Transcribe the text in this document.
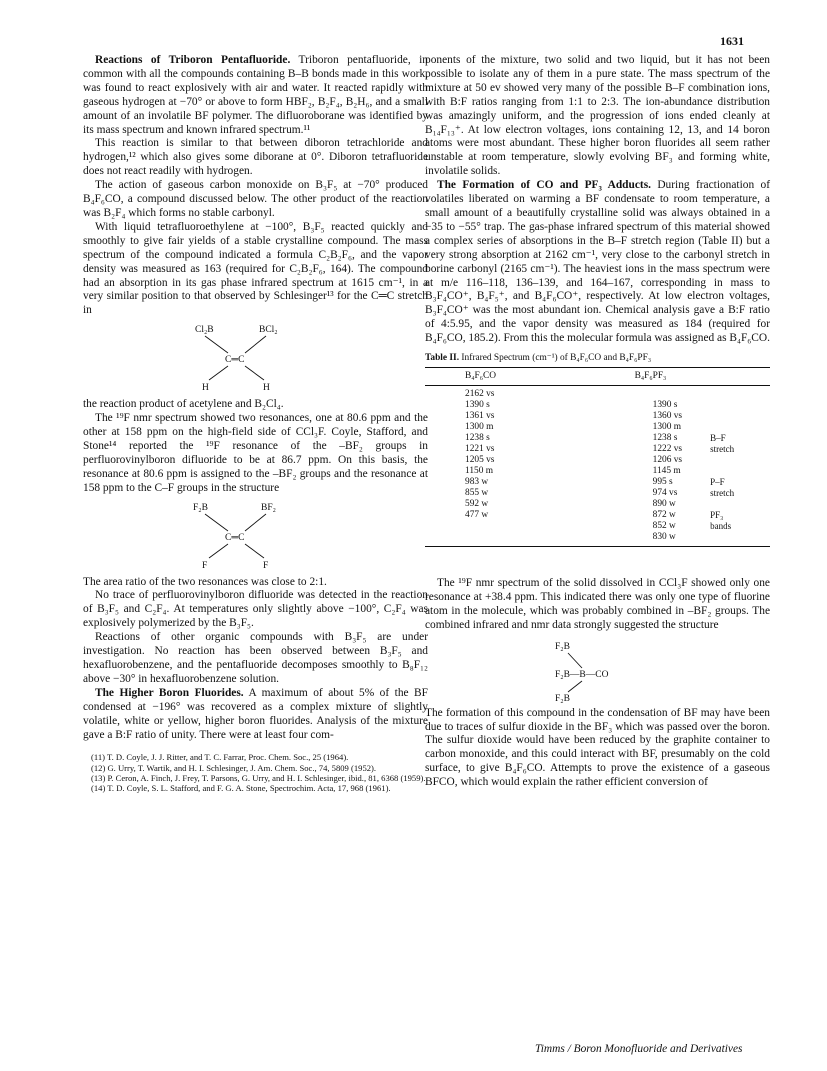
1631

Reactions of Triboron Pentafluoride. Triboron pentafluoride, in common with all the compounds containing B–B bonds made in this work, was found to react explosively with air and water. It reacted rapidly with gaseous hydrogen at −70° or above to form HBF₂, B₂F₄, B₂H₆, and a small amount of an involatile BF polymer. The difluoroborane was identified by its mass spectrum and known infrared spectrum.¹¹

This reaction is similar to that between diboron tetrachloride and hydrogen,¹² which also gives some diborane at 0°. Diboron tetrafluoride does not react readily with hydrogen.

The action of gaseous carbon monoxide on B₃F₅ at −70° produced B₄F₆CO, a compound discussed below. The other product of the reaction was B₂F₄ which forms no stable carbonyl.

With liquid tetrafluoroethylene at −100°, B₃F₅ reacted quickly and smoothly to give fair yields of a stable crystalline compound. The mass spectrum of the compound indicated a formula C₂B₂F₆, and the vapor density was measured as 163 (required for C₂B₂F₆, 164). The compound had an absorption in its gas phase infrared spectrum at 1615 cm⁻¹, in a very similar position to that observed by Schlesinger¹³ for the C═C stretch in

Cl₂B	BCl₂
C═C
H	H

the reaction product of acetylene and B₂Cl₄.

The ¹⁹F nmr spectrum showed two resonances, one at 80.6 ppm and the other at 158 ppm on the high-field side of CCl₃F. Coyle, Stafford, and Stone¹⁴ reported the ¹⁹F resonance of the –BF₂ groups in perfluorovinylboron difluoride to be at 86.7 ppm. On this basis, the resonance at 80.6 ppm is assigned to the –BF₂ groups and the resonance at 158 ppm to the C–F groups in the structure

F₂B	BF₂
C═C
F	F

The area ratio of the two resonances was close to 2:1.

No trace of perfluorovinylboron difluoride was detected in the reaction of B₃F₅ and C₂F₄. At temperatures only slightly above −100°, C₂F₄ was explosively polymerized by the B₃F₅.

Reactions of other organic compounds with B₃F₅ are under investigation. No reaction has been observed between B₃F₅ and hexafluorobenzene, and the pentafluoride decomposes smoothly to B₈F₁₂ above −30° in hexafluorobenzene solution.

The Higher Boron Fluorides. A maximum of about 5% of the BF condensed at −196° was recovered as a complex mixture of slightly volatile, white or yellow, higher boron fluorides. Analysis of the mixture gave a B:F ratio of unity. There were at least four com-

(11) T. D. Coyle, J. J. Ritter, and T. C. Farrar, Proc. Chem. Soc., 25 (1964).
(12) G. Urry, T. Wartik, and H. I. Schlesinger, J. Am. Chem. Soc., 74, 5809 (1952).
(13) P. Ceron, A. Finch, J. Frey, T. Parsons, G. Urry, and H. I. Schlesinger, ibid., 81, 6368 (1959).
(14) T. D. Coyle, S. L. Stafford, and F. G. A. Stone, Spectrochim. Acta, 17, 968 (1961).

ponents of the mixture, two solid and two liquid, but it has not been possible to isolate any of them in a pure state. The mass spectrum of the mixture at 50 ev showed very many of the possible B–F combination ions, with B:F ratios ranging from 1:1 to 2:3. The ion-abundance distribution was amazingly uniform, and the progression of ions ended cleanly at B₁₄F₁₃⁺. At low electron voltages, ions containing 12, 13, and 14 boron atoms were most abundant. These higher boron fluorides all seem rather unstable at room temperature, slowly evolving BF₃ and forming white, involatile solids.

The Formation of CO and PF₃ Adducts. During fractionation of volatiles liberated on warming a BF condensate to room temperature, a small amount of a beautifully crystalline solid was always obtained in a −35 to −55° trap. The gas-phase infrared spectrum of this material showed a complex series of absorptions in the B–F stretch region (Table II) but a very strong absorption at 2162 cm⁻¹, very close to the carbonyl stretch in borine carbonyl (2165 cm⁻¹). The heaviest ions in the mass spectrum were at m/e 116–118, 136–139, and 164–167, corresponding in mass to B₃F₄CO⁺, B₄F₅⁺, and B₄F₆CO⁺, respectively. At low electron voltages, B₃F₄CO⁺ was the most abundant ion. Chemical analysis gave a B:F ratio of 4:5.95, and the vapor density was measured as 184 (required for B₄F₆CO, 185.2). From this the molecular formula was assigned as B₄F₆CO.

Table II. Infrared Spectrum (cm⁻¹) of B₄F₆CO and B₄F₆PF₃
B₄F₆CO	B₄F₆PF₃	
2162 vs		
1390 s	1390 s	
1361 vs	1360 vs	
1300 m	1300 m	
1238 s	1238 s	B–F
1221 vs	1222 vs	stretch
1205 vs	1206 vs	
1150 m	1145 m	
983 w	995 s	P–F
855 w	974 vs	stretch
592 w	890 w	
477 w	872 w	PF₃
	852 w	bands
	830 w	

The ¹⁹F nmr spectrum of the solid dissolved in CCl₃F showed only one resonance at +38.4 ppm. This indicated there was only one type of fluorine atom in the molecule, which was probably combined in –BF₂ groups. The combined infrared and nmr data strongly suggested the structure

F₂B
F₂B—B—CO
F₂B

The formation of this compound in the condensation of BF may have been due to traces of sulfur dioxide in the BF₃ which was passed over the boron. The sulfur dioxide would have been reduced by the graphite container to carbon monoxide, and this could interact with BF, presumably on the cold surface, to give B₄F₆CO. Attempts to prove the existence of a gaseous BFCO, which would explain the rather efficient conversion of

Timms / Boron Monofluoride and Derivatives
